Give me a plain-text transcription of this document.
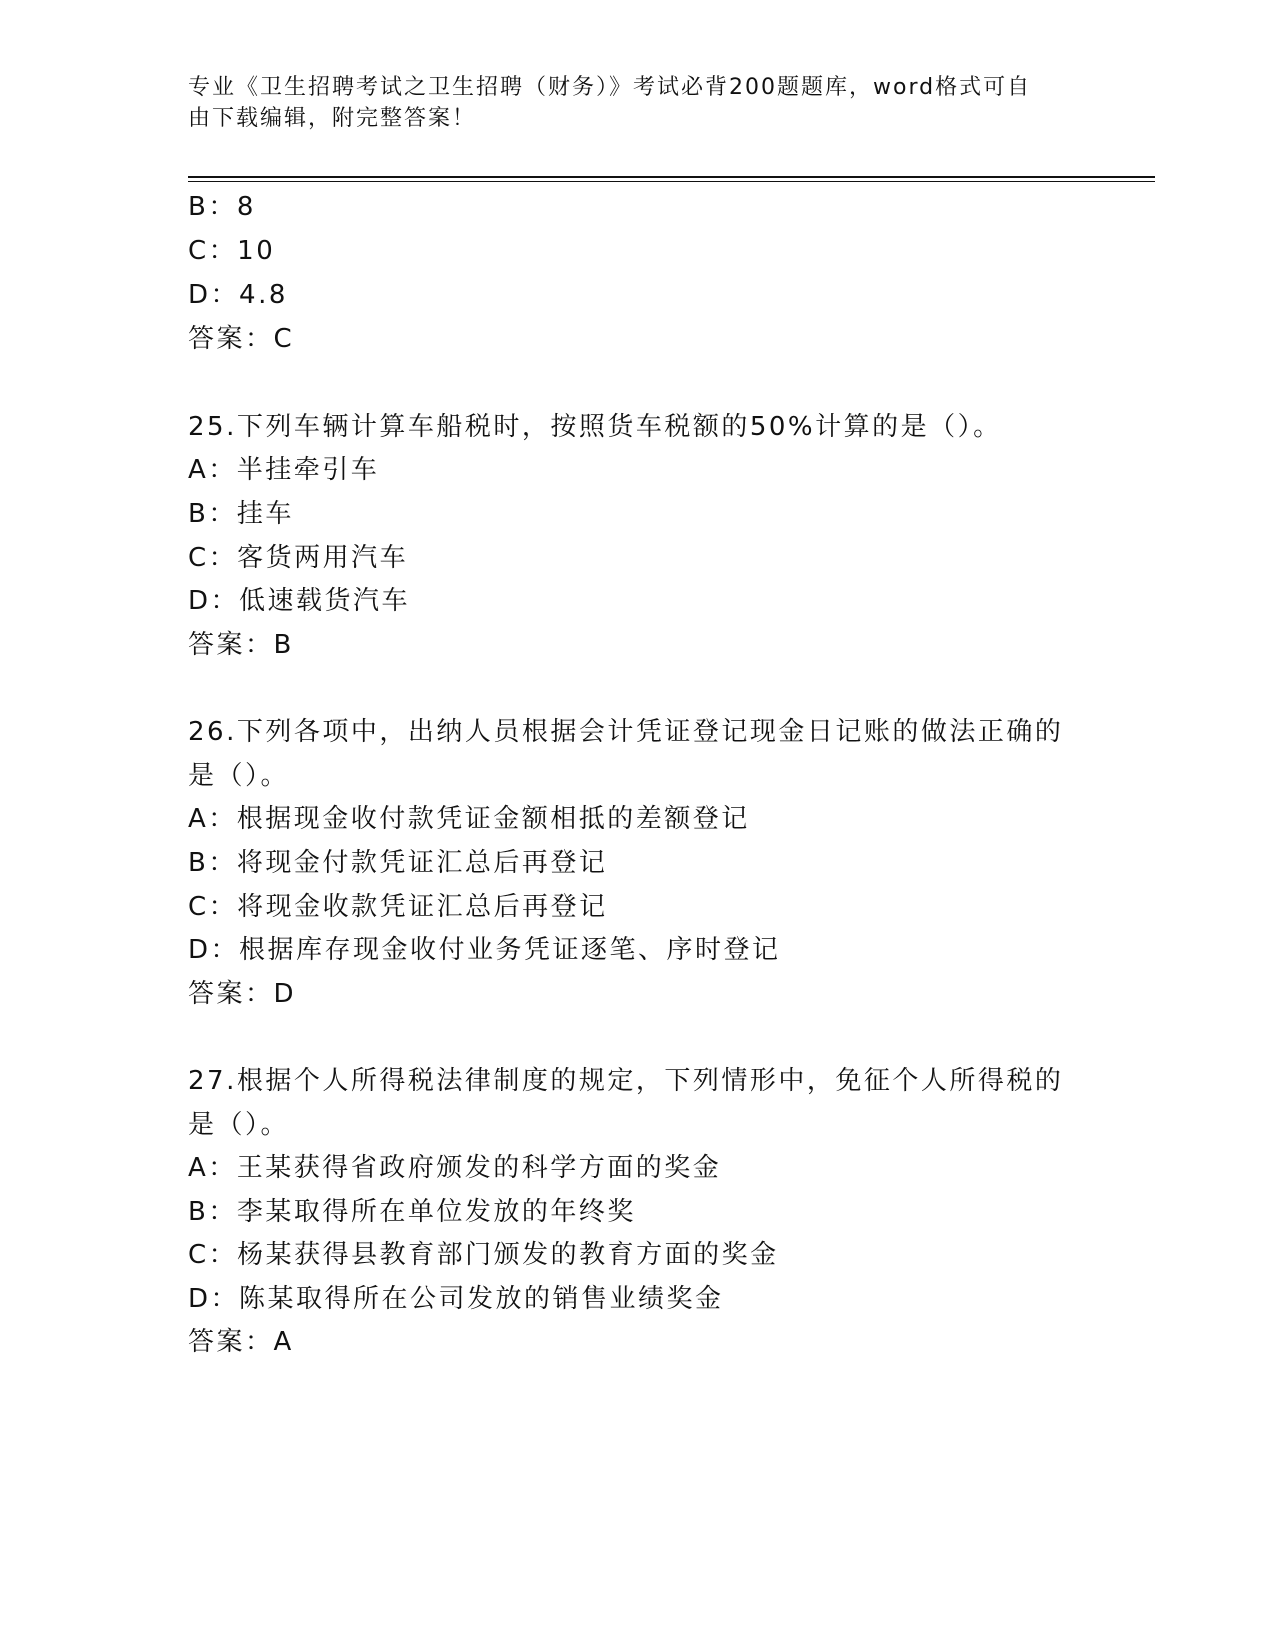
专业《卫生招聘考试之卫生招聘（财务）》考试必背200题题库，word格式可自
由下载编辑，附完整答案！
B：8
C：10
D：4.8
答案：C
25.下列车辆计算车船税时，按照货车税额的50%计算的是（）。
A：半挂牵引车
B：挂车
C：客货两用汽车
D：低速载货汽车
答案：B
26.下列各项中，出纳人员根据会计凭证登记现金日记账的做法正确的
是（）。
A：根据现金收付款凭证金额相抵的差额登记
B：将现金付款凭证汇总后再登记
C：将现金收款凭证汇总后再登记
D：根据库存现金收付业务凭证逐笔、序时登记
答案：D
27.根据个人所得税法律制度的规定，下列情形中，免征个人所得税的
是（）。
A：王某获得省政府颁发的科学方面的奖金
B：李某取得所在单位发放的年终奖
C：杨某获得县教育部门颁发的教育方面的奖金
D：陈某取得所在公司发放的销售业绩奖金
答案：A
